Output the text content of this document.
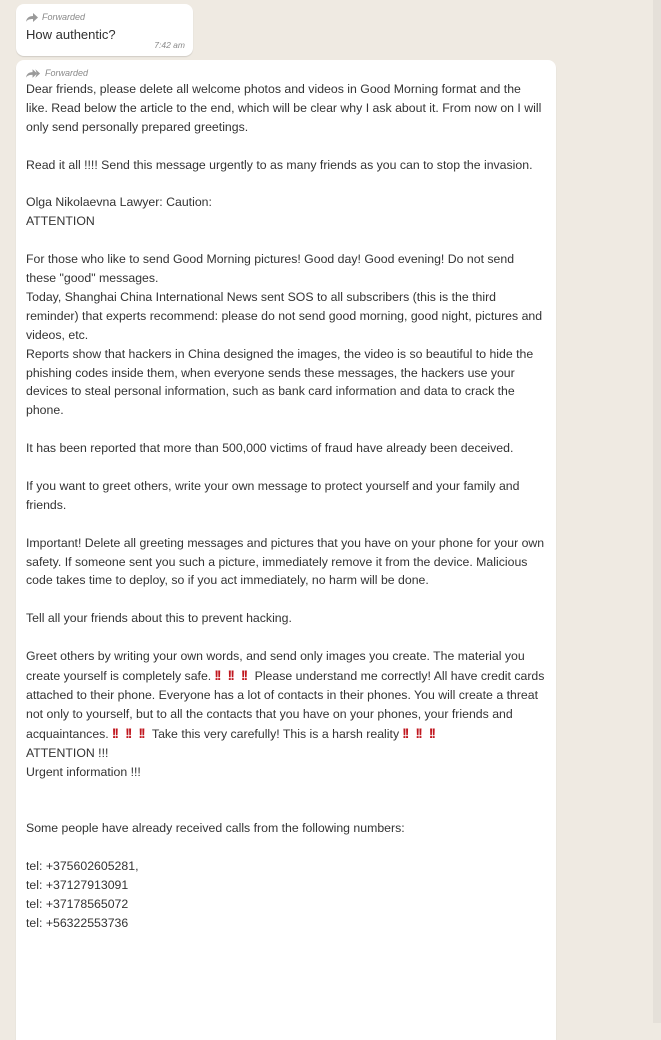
Forwarded
How authentic?
7:42 am
Forwarded

Dear friends, please delete all welcome photos and videos in Good Morning format and the like. Read below the article to the end, which will be clear why I ask about it. From now on I will only send personally prepared greetings.

Read it all !!!! Send this message urgently to as many friends as you can to stop the invasion.

Olga Nikolaevna Lawyer: Caution:

ATTENTION

For those who like to send Good Morning pictures! Good day! Good evening! Do not send these "good" messages.

Today, Shanghai China International News sent SOS to all subscribers (this is the third reminder) that experts recommend: please do not send good morning, good night, pictures and videos, etc.

Reports show that hackers in China designed the images, the video is so beautiful to hide the phishing codes inside them, when everyone sends these messages, the hackers use your devices to steal personal information, such as bank card information and data to crack the phone.

It has been reported that more than 500,000 victims of fraud have already been deceived.

If you want to greet others, write your own message to protect yourself and your family and friends.

Important! Delete all greeting messages and pictures that you have on your phone for your own safety. If someone sent you such a picture, immediately remove it from the device. Malicious code takes time to deploy, so if you act immediately, no harm will be done.

Tell all your friends about this to prevent hacking.

Greet others by writing your own words, and send only images you create. The material you create yourself is completely safe. !! !! !! Please understand me correctly! All have credit cards attached to their phone. Everyone has a lot of contacts in their phones. You will create a threat not only to yourself, but to all the contacts that you have on your phones, your friends and acquaintances. !! !! !! Take this very carefully! This is a harsh reality !! !! !!

ATTENTION !!!

Urgent information !!!

Some people have already received calls from the following numbers:

tel: +375602605281,

tel: +37127913091

tel: +37178565072

tel: +56322553736
